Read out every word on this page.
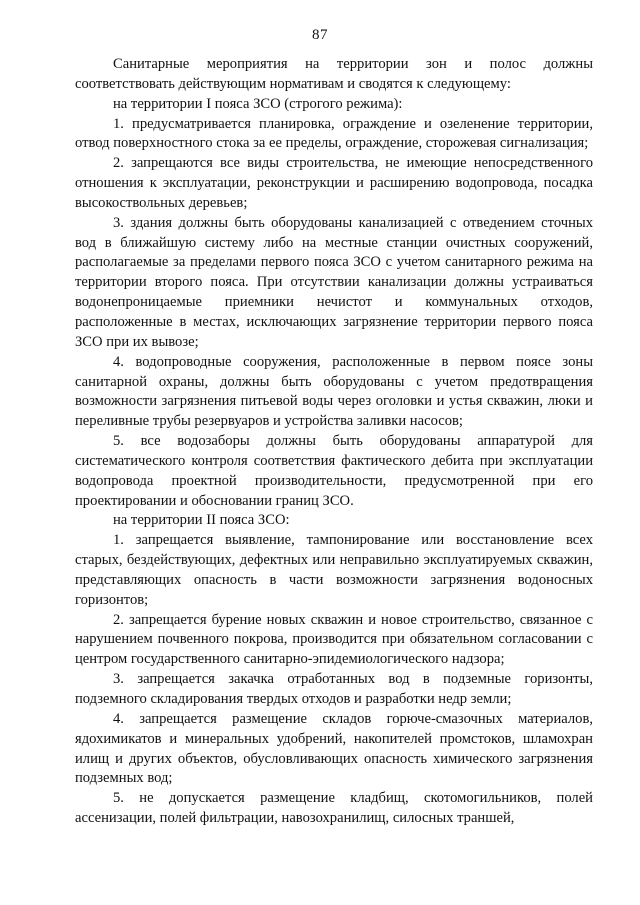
87

Санитарные мероприятия на территории зон и полос должны соответствовать действующим нормативам и сводятся к следующему:

на территории I пояса ЗСО (строгого режима):

1. предусматривается планировка, ограждение и озеленение территории, отвод поверхностного стока за ее пределы, ограждение, сторожевая сигнализация;

2. запрещаются все виды строительства, не имеющие непосредственного отношения к эксплуатации, реконструкции и расширению водопровода, посадка высокоствольных деревьев;

3. здания должны быть оборудованы канализацией с отведением сточных вод в ближайшую систему либо на местные станции очистных сооружений, располагаемые за пределами первого пояса ЗСО с учетом санитарного режима на территории второго пояса. При отсутствии канализации должны устраиваться водонепроницаемые приемники нечистот и коммунальных отходов, расположенные в местах, исключающих загрязнение территории первого пояса ЗСО при их вывозе;

4. водопроводные сооружения, расположенные в первом поясе зоны санитарной охраны, должны быть оборудованы с учетом предотвращения возможности загрязнения питьевой воды через оголовки и устья скважин, люки и переливные трубы резервуаров и устройства заливки насосов;

5. все водозаборы должны быть оборудованы аппаратурой для систематического контроля соответствия фактического дебита при эксплуатации водопровода проектной производительности, предусмотренной при его проектировании и обосновании границ ЗСО.

на территории II пояса ЗСО:

1. запрещается выявление, тампонирование или восстановление всех старых, бездействующих, дефектных или неправильно эксплуатируемых скважин, представляющих опасность в части возможности загрязнения водоносных горизонтов;

2. запрещается бурение новых скважин и новое строительство, связанное с нарушением почвенного покрова, производится при обязательном согласовании с центром государственного санитарно-эпидемиологического надзора;

3. запрещается закачка отработанных вод в подземные горизонты, подземного складирования твердых отходов и разработки недр земли;

4. запрещается размещение складов горюче-смазочных материалов, ядохимикатов и минеральных удобрений, накопителей промстоков, шламохран илищ и других объектов, обусловливающих опасность химического загрязнения подземных вод;

5. не допускается размещение кладбищ, скотомогильников, полей ассенизации, полей фильтрации, навозохранилищ, силосных траншей,
